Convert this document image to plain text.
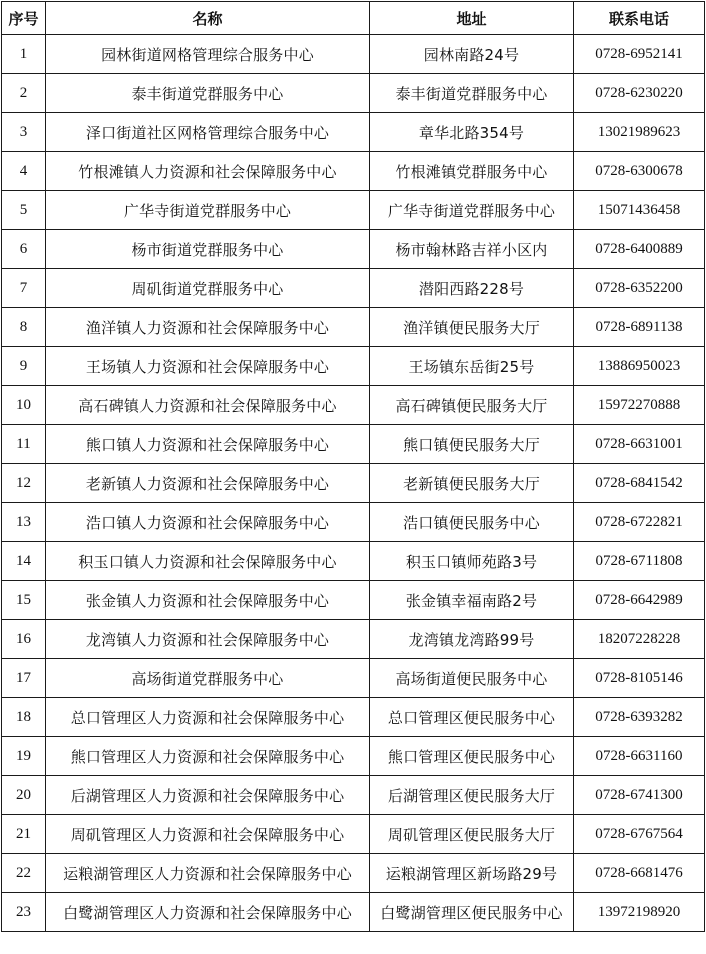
序号	名称	地址	联系电话
1	园林街道网格管理综合服务中心	园林南路24号	0728-6952141
2	泰丰街道党群服务中心	泰丰街道党群服务中心	0728-6230220
3	泽口街道社区网格管理综合服务中心	章华北路354号	13021989623
4	竹根滩镇人力资源和社会保障服务中心	竹根滩镇党群服务中心	0728-6300678
5	广华寺街道党群服务中心	广华寺街道党群服务中心	15071436458
6	杨市街道党群服务中心	杨市翰林路吉祥小区内	0728-6400889
7	周矶街道党群服务中心	潜阳西路228号	0728-6352200
8	渔洋镇人力资源和社会保障服务中心	渔洋镇便民服务大厅	0728-6891138
9	王场镇人力资源和社会保障服务中心	王场镇东岳街25号	13886950023
10	高石碑镇人力资源和社会保障服务中心	高石碑镇便民服务大厅	15972270888
11	熊口镇人力资源和社会保障服务中心	熊口镇便民服务大厅	0728-6631001
12	老新镇人力资源和社会保障服务中心	老新镇便民服务大厅	0728-6841542
13	浩口镇人力资源和社会保障服务中心	浩口镇便民服务中心	0728-6722821
14	积玉口镇人力资源和社会保障服务中心	积玉口镇师苑路3号	0728-6711808
15	张金镇人力资源和社会保障服务中心	张金镇幸福南路2号	0728-6642989
16	龙湾镇人力资源和社会保障服务中心	龙湾镇龙湾路99号	18207228228
17	高场街道党群服务中心	高场街道便民服务中心	0728-8105146
18	总口管理区人力资源和社会保障服务中心	总口管理区便民服务中心	0728-6393282
19	熊口管理区人力资源和社会保障服务中心	熊口管理区便民服务中心	0728-6631160
20	后湖管理区人力资源和社会保障服务中心	后湖管理区便民服务大厅	0728-6741300
21	周矶管理区人力资源和社会保障服务中心	周矶管理区便民服务大厅	0728-6767564
22	运粮湖管理区人力资源和社会保障服务中心	运粮湖管理区新场路29号	0728-6681476
23	白鹭湖管理区人力资源和社会保障服务中心	白鹭湖管理区便民服务中心	13972198920
